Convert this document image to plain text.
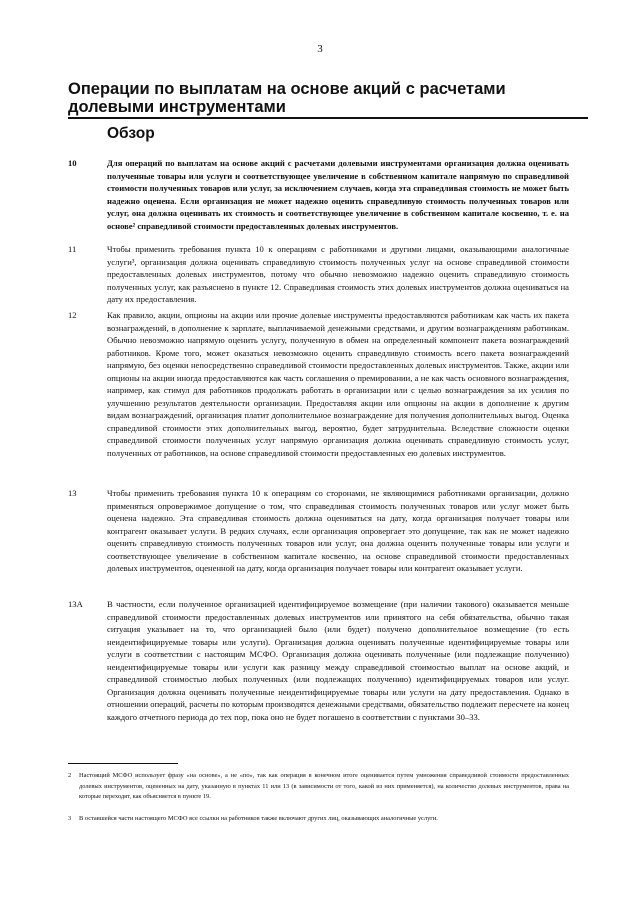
3
Операции по выплатам на основе акций с расчетами долевыми инструментами
Обзор
10	Для операций по выплатам на основе акций с расчетами долевыми инструментами организация должна оценивать полученные товары или услуги и соответствующее увеличение в собственном капитале напрямую по справедливой стоимости полученных товаров или услуг, за исключением случаев, когда эта справедливая стоимость не может быть надежно оценена. Если организация не может надежно оценить справедливую стоимость полученных товаров или услуг, она должна оценивать их стоимость и соответствующее увеличение в собственном капитале косвенно, т. е. на основе² справедливой стоимости предоставленных долевых инструментов.

11	Чтобы применить требования пункта 10 к операциям с работниками и другими лицами, оказывающими аналогичные услуги³, организация должна оценивать справедливую стоимость полученных услуг на основе справедливой стоимости предоставленных долевых инструментов, потому что обычно невозможно надежно оценить справедливую стоимость полученных услуг, как разъяснено в пункте 12. Справедливая стоимость этих долевых инструментов должна оцениваться на дату их предоставления.

12	Как правило, акции, опционы на акции или прочие долевые инструменты предоставляются работникам как часть их пакета вознаграждений, в дополнение к зарплате, выплачиваемой денежными средствами, и другим вознаграждениям работникам. Обычно невозможно напрямую оценить услугу, полученную в обмен на определенный компонент пакета вознаграждений работников. Кроме того, может оказаться невозможно оценить справедливую стоимость всего пакета вознаграждений напрямую, без оценки непосредственно справедливой стоимости предоставленных долевых инструментов. Также, акции или опционы на акции иногда предоставляются как часть соглашения о премировании, а не как часть основного вознаграждения, например, как стимул для работников продолжать работать в организации или с целью вознаграждения за их усилия по улучшению результатов деятельности организации. Предоставляя акции или опционы на акции в дополнение к другим видам вознаграждений, организация платит дополнительное вознаграждение для получения дополнительных выгод. Оценка справедливой стоимости этих дополнительных выгод, вероятно, будет затруднительна. Вследствие сложности оценки справедливой стоимости полученных услуг напрямую организация должна оценивать справедливую стоимость услуг, полученных от работников, на основе справедливой стоимости предоставленных ею долевых инструментов.

13	Чтобы применить требования пункта 10 к операциям со сторонами, не являющимися работниками организации, должно применяться опровержимое допущение о том, что справедливая стоимость полученных товаров или услуг может быть оценена надежно. Эта справедливая стоимость должна оцениваться на дату, когда организация получает товары или контрагент оказывает услуги. В редких случаях, если организация опровергает это допущение, так как не может надежно оценить справедливую стоимость полученных товаров или услуг, она должна оценить полученные товары или услуги и соответствующее увеличение в собственном капитале косвенно, на основе справедливой стоимости предоставленных долевых инструментов, оцененной на дату, когда организация получает товары или контрагент оказывает услуги.

13A	В частности, если полученное организацией идентифицируемое возмещение (при наличии такового) оказывается меньше справедливой стоимости предоставленных долевых инструментов или принятого на себя обязательства, обычно такая ситуация указывает на то, что организацией было (или будет) получено дополнительное возмещение (то есть неидентифицируемые товары или услуги). Организация должна оценивать полученные идентифицируемые товары или услуги в соответствии с настоящим МСФО. Организация должна оценивать полученные (или подлежащие получению) неидентифицируемые товары или услуги как разницу между справедливой стоимостью выплат на основе акций, и справедливой стоимостью любых полученных (или подлежащих получению) идентифицируемых товаров или услуг. Организация должна оценивать полученные неидентифицируемые товары или услуги на дату предоставления. Однако в отношении операций, расчеты по которым производятся денежными средствами, обязательство подлежит пересчете на конец каждого отчетного периода до тех пор, пока оно не будет погашено в соответствии с пунктами 30–33.

2 Настоящий МСФО использует фразу «на основе», а не «по», так как операция в конечном итоге оценивается путем умножения справедливой стоимости предоставленных долевых инструментов, оцененных на дату, указанную в пунктах 11 или 13 (в зависимости от того, какой из них применяется), на количество долевых инструментов, права на которые переходят, как объясняется в пункте 19.

3 В оставшейся части настоящего МСФО все ссылки на работников также включают других лиц, оказывающих аналогичные услуги.
